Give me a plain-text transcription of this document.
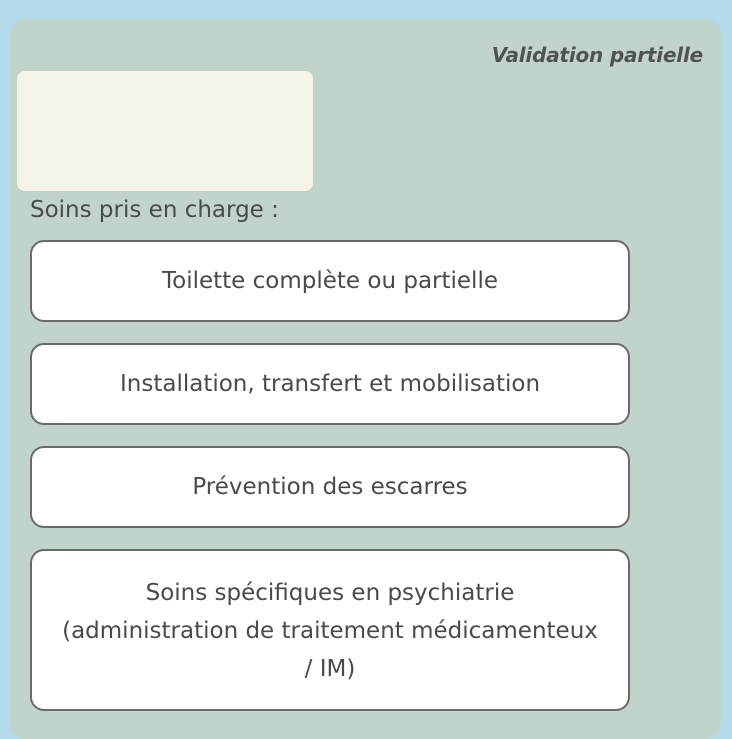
Validation partielle
Soins pris en charge :
Toilette complète ou partielle
Installation, transfert et mobilisation
Prévention des escarres
Soins spécifiques en psychiatrie (administration de traitement médicamenteux / IM)
